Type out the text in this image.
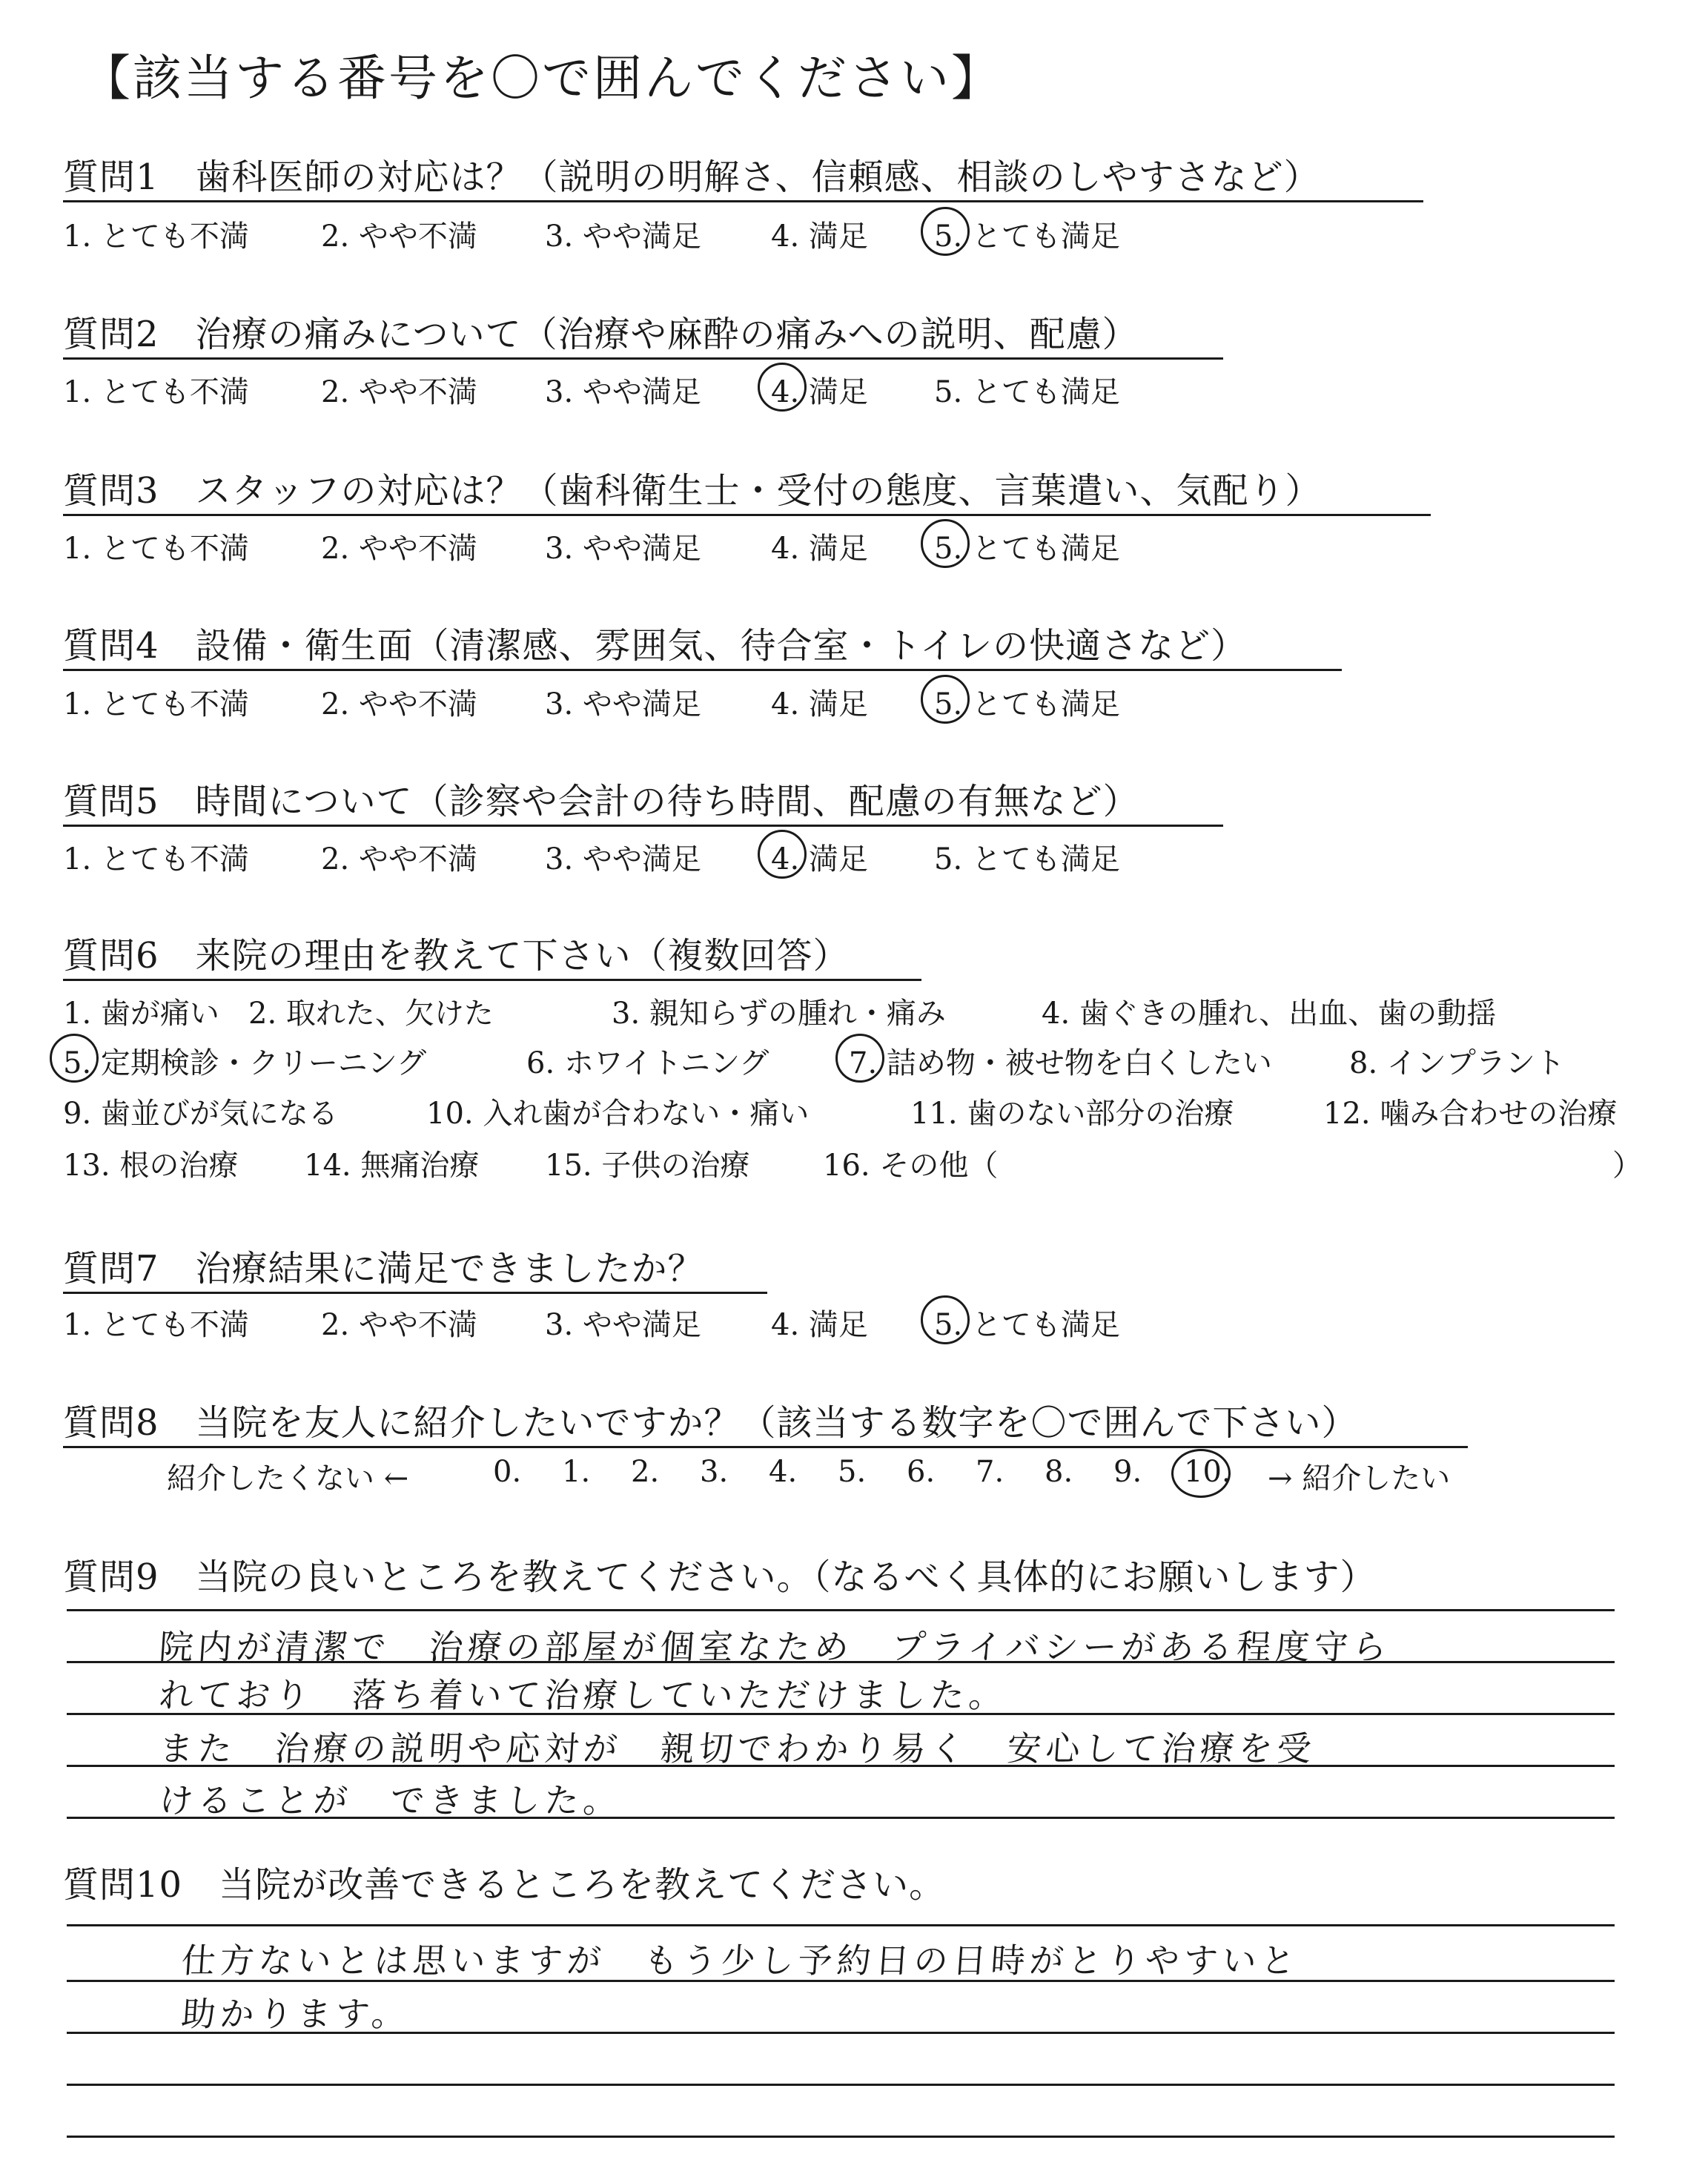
【該当する番号を〇で囲んでください】
質問1　歯科医師の対応は？（説明の明解さ、信頼感、相談のしやすさなど）
1. とても不満 2. やや不満 3. やや満足 4. 満足 5. とても満足
質問2　治療の痛みについて（治療や麻酔の痛みへの説明、配慮）
1. とても不満 2. やや不満 3. やや満足 4. 満足 5. とても満足
質問3　スタッフの対応は？（歯科衛生士・受付の態度、言葉遣い、気配り）
1. とても不満 2. やや不満 3. やや満足 4. 満足 5. とても満足
質問4　設備・衛生面（清潔感、雰囲気、待合室・トイレの快適さなど）
1. とても不満 2. やや不満 3. やや満足 4. 満足 5. とても満足
質問5　時間について（診察や会計の待ち時間、配慮の有無など）
1. とても不満 2. やや不満 3. やや満足 4. 満足 5. とても満足
質問6　来院の理由を教えて下さい（複数回答）
1. 歯が痛い 2. 取れた、欠けた	3. 親知らずの腫れ・痛み	4. 歯ぐきの腫れ、出血、歯の動揺
5. 定期検診・クリーニング	6. ホワイトニング	7. 詰め物・被せ物を白くしたい	8. インプラント
9. 歯並びが気になる	10. 入れ歯が合わない・痛い	11. 歯のない部分の治療	12. 噛み合わせの治療
13. 根の治療 14. 無痛治療 15. 子供の治療 16. その他（	）
質問7　治療結果に満足できましたか？
1. とても不満 2. やや不満 3. やや満足 4. 満足 5. とても満足
質問8　当院を友人に紹介したいですか？（該当する数字を〇で囲んで下さい）
紹介したくない ←	0. 1. 2. 3. 4. 5. 6. 7. 8. 9. 10. → 紹介したい
質問9　当院の良いところを教えてください。（なるべく具体的にお願いします）
院内が清潔で　治療の部屋が個室なため　プライバシーがある程度守ら
れており　落ち着いて治療していただけました。
また　治療の説明や応対が　親切でわかり易く　安心して治療を受
けることが　できました。
質問10　当院が改善できるところを教えてください。
仕方ないとは思いますが　もう少し予約日の日時がとりやすいと
助かります。
